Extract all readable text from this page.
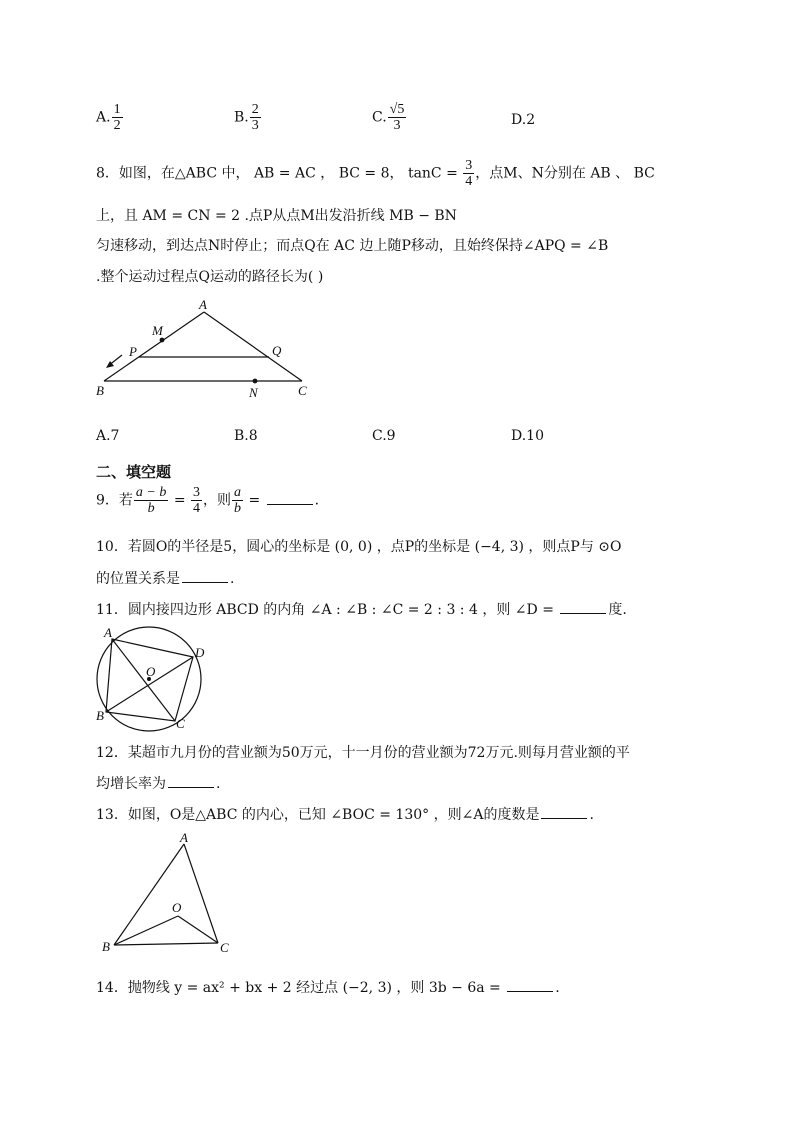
A. $\frac{1}{2}$	B. $\frac{2}{3}$	C. $\frac{√5}{3}$	D.2
8．如图，在△ABC 中， AB = AC ， BC = 8， $\tan C = \frac{3}{4}$ ，点M、N分别在 AB 、 BC
上，且 AM = CN = 2 .点P从点M出发沿折线 MB − BN
匀速移动，到达点N时停止；而点Q在 AC 边上随P移动，且始终保持∠APQ = ∠B
.整个运动过程点Q运动的路径长为( )
A
M
P	Q
B	N	C
A.7	B.8	C.9	D.10
二、填空题
9．若 $\frac{a - b}{b} = \frac{3}{4}$ ，则 $\frac{a}{b}$ =	.
10．若圆O的半径是5，圆心的坐标是 (0, 0) ，点P的坐标是 (−4, 3) ，则点P与 ⊙O
的位置关系是	.
11．圆内接四边形 ABCD 的内角 ∠A : ∠B : ∠C = 2 : 3 : 4 ，则 ∠D =	度.
A
D
O
B
C
12．某超市九月份的营业额为50万元，十一月份的营业额为72万元.则每月营业额的平
均增长率为	.
13．如图，O是△ABC 的内心，已知 ∠BOC = 130° ，则∠A的度数是	.
A
O
B	C
14．抛物线 y = ax² + bx + 2 经过点 (−2, 3) ，则 3b − 6a =	.
